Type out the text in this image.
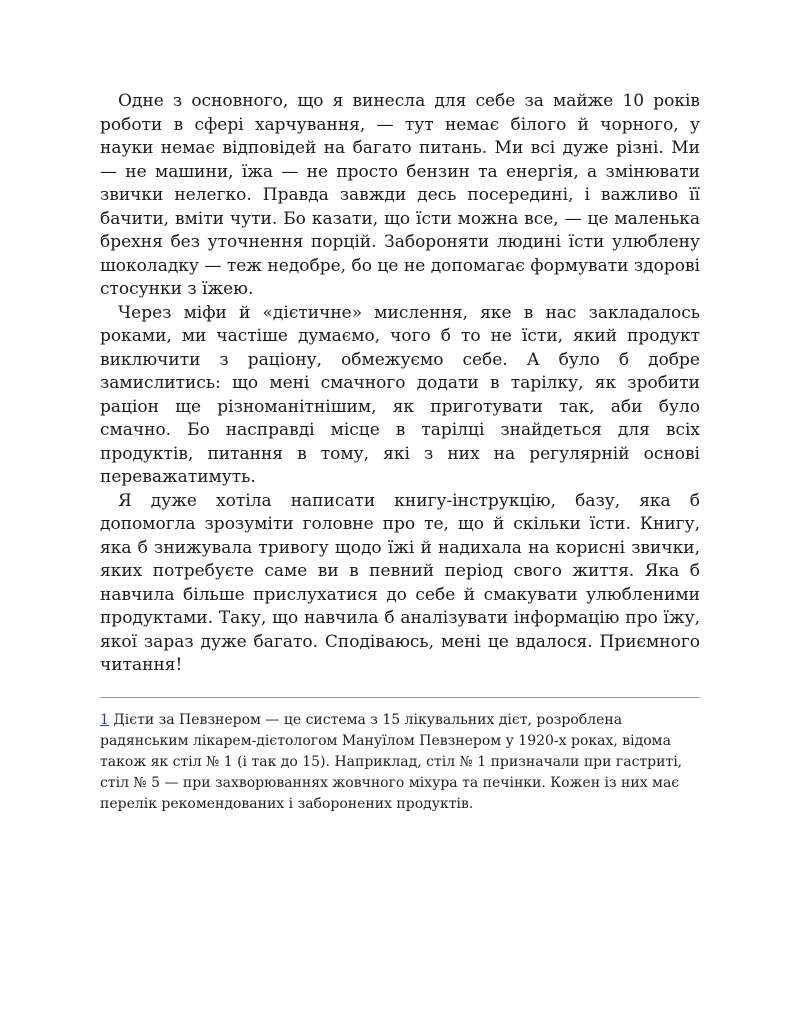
Одне з основного, що я винесла для себе за майже 10 років роботи в сфері харчування, — тут немає білого й чорного, у науки немає відповідей на багато питань. Ми всі дуже різні. Ми — не машини, їжа — не просто бензин та енергія, а змінювати звички нелегко. Правда завжди десь посередині, і важливо її бачити, вміти чути. Бо казати, що їсти можна все, — це маленька брехня без уточнення порцій. Забороняти людині їсти улюблену шоколадку — теж недобре, бо це не допомагає формувати здорові стосунки з їжею.

Через міфи й «дієтичне» мислення, яке в нас закладалось роками, ми частіше думаємо, чого б то не їсти, який продукт виключити з раціону, обмежуємо себе. А було б добре замислитись: що мені смачного додати в тарілку, як зробити раціон ще різноманітнішим, як приготувати так, аби було смачно. Бо насправді місце в тарілці знайдеться для всіх продуктів, питання в тому, які з них на регулярній основі переважатимуть.

Я дуже хотіла написати книгу-інструкцію, базу, яка б допомогла зрозуміти головне про те, що й скільки їсти. Книгу, яка б знижувала тривогу щодо їжі й надихала на корисні звички, яких потребуєте саме ви в певний період свого життя. Яка б навчила більше прислухатися до себе й смакувати улюбленими продуктами. Таку, що навчила б аналізувати інформацію про їжу, якої зараз дуже багато. Сподіваюсь, мені це вдалося. Приємного читання!

1 Дієти за Певзнером — це система з 15 лікувальних дієт, розроблена радянським лікарем-дієтологом Мануїлом Певзнером у 1920-х роках, відома також як стіл № 1 (і так до 15). Наприклад, стіл № 1 призначали при гастриті, стіл № 5 — при захворюваннях жовчного міхура та печінки. Кожен із них має перелік рекомендованих і заборонених продуктів.
